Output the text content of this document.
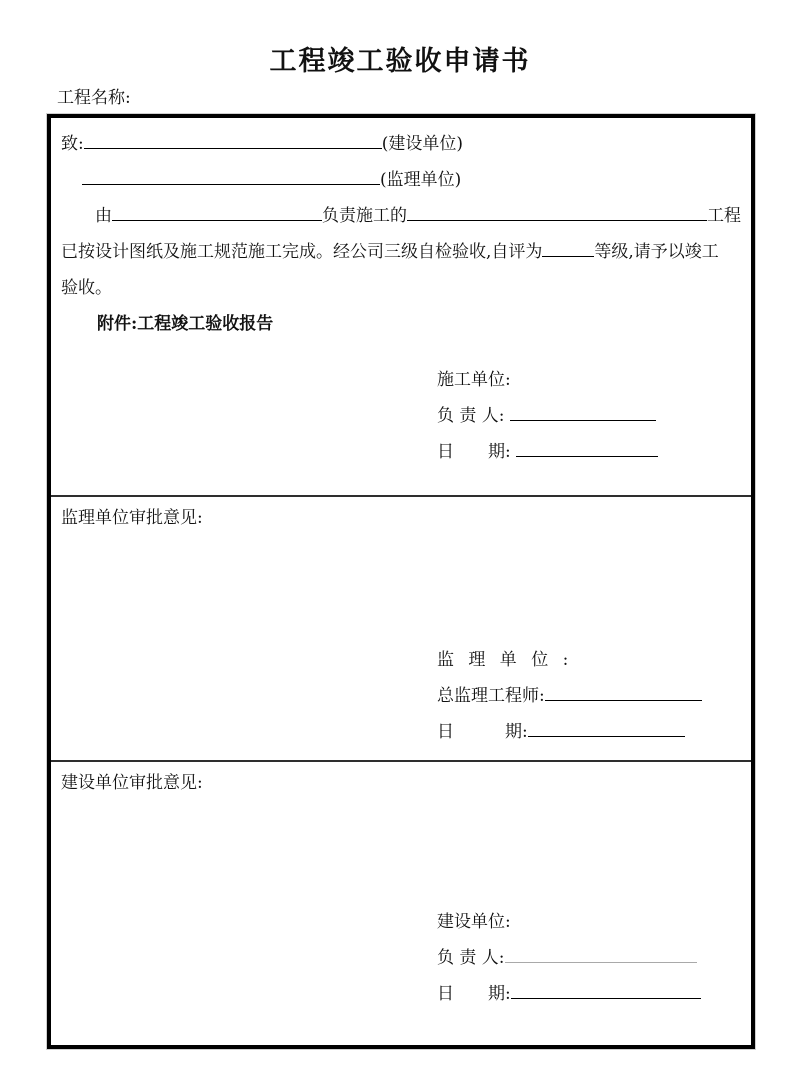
工程竣工验收申请书
工程名称:
致:	(建设单位)
(监理单位)
由	负责施工的	工程
已按设计图纸及施工规范施工完成。经公司三级自检验收,自评为	等级,请予以竣工
验收。
附件:工程竣工验收报告
施工单位:
负 责 人:
日　　期:
监理单位审批意见:
监 理 单 位 :
总监理工程师:
日　　　期:
建设单位审批意见:
建设单位:
负 责 人:
日　　期:
